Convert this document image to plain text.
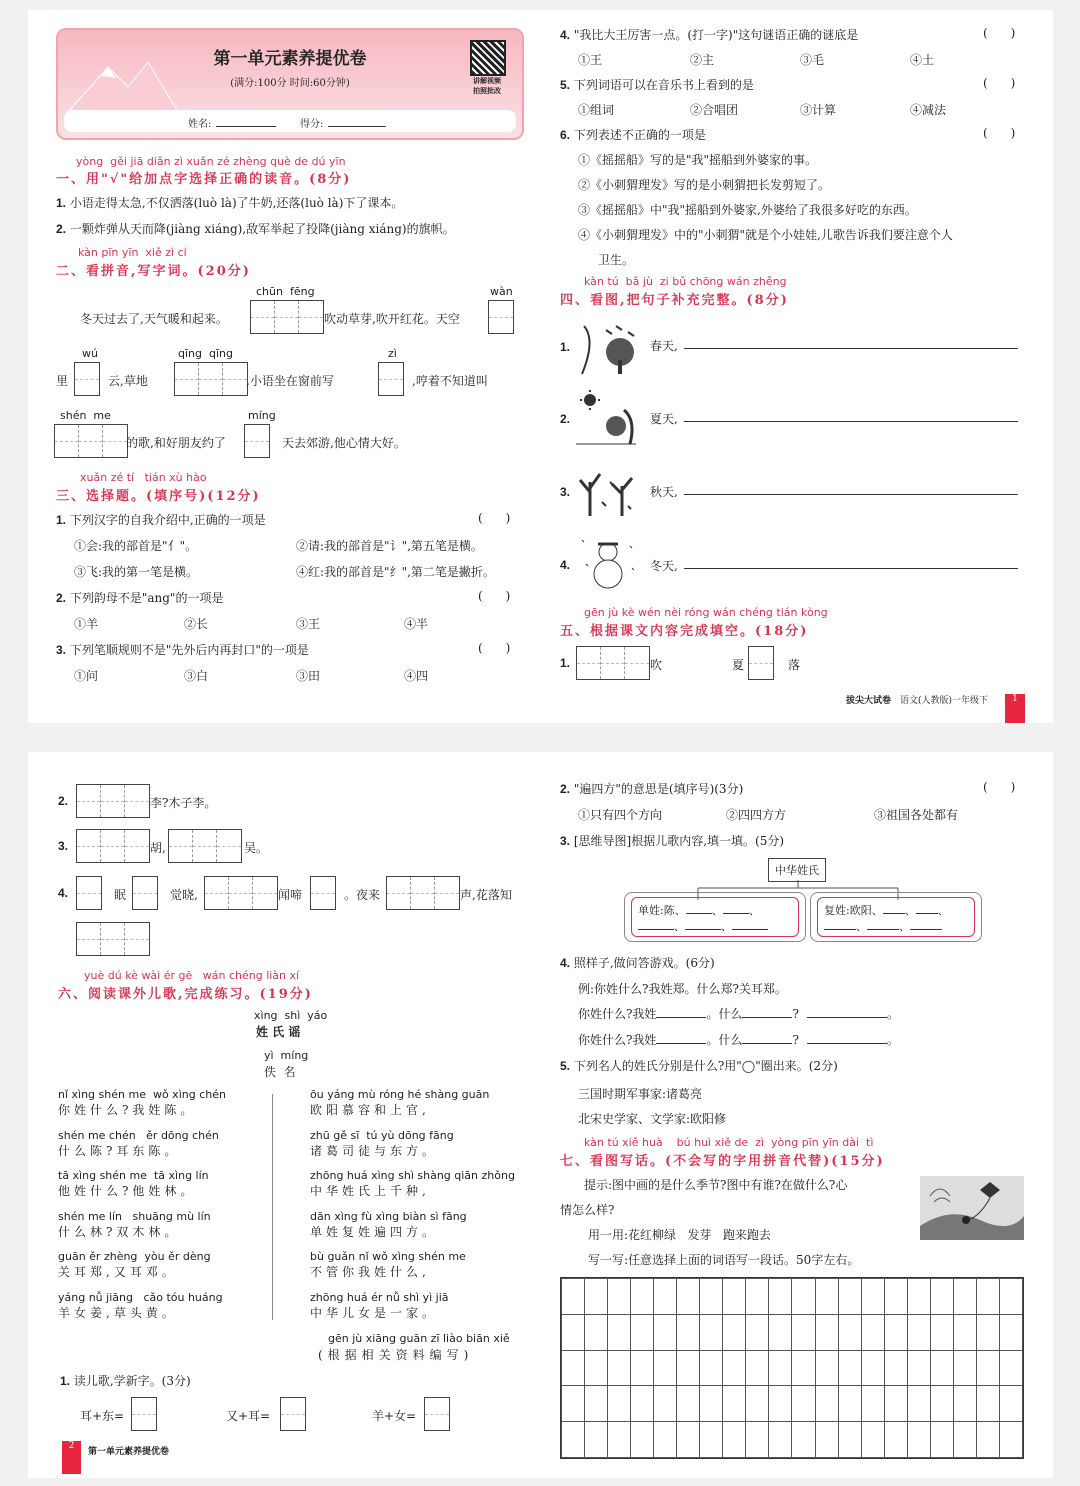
第一单元素养提优卷
(满分:100分 时间:60分钟)	讲解视频
拍照批改
姓名:	得分:
yòng  gěi jiā diǎn zì xuǎn zé zhèng què de dú yīn
一、用"√"给加点字选择正确的读音。(8分)
1. 小语走得太急,不仅洒落(luò là)了牛奶,还落(luò là)下了课本。
2. 一颗炸弹从天而降(jiàng xiáng),敌军举起了投降(jiàng xiáng)的旗帜。
kàn pīn yīn  xiě zì cí
二、看拼音,写字词。(20分)
chūn  fēng	wàn
冬天过去了,天气暖和起来。	吹动草芽,吹开红花。天空
wú	qīng  qīng	zì
里	云,草地	,小语坐在窗前写	,哼着不知道叫
shén  me	míng
的歌,和好朋友约了	天去郊游,他心情大好。
xuǎn zé tí   tián xù hào
三、选择题。(填序号)(12分)
1. 下列汉字的自我介绍中,正确的一项是	(      )
①会:我的部首是"亻"。	②请:我的部首是"讠",第五笔是横。
③飞:我的第一笔是横。	④红:我的部首是"纟",第二笔是撇折。
2. 下列韵母不是"ang"的一项是	(      )
①羊	②长	③王	④半
3. 下列笔顺规则不是"先外后内再封口"的一项是	(      )
①问	③白	③田	④四
4. "我比大王厉害一点。(打一字)"这句谜语正确的谜底是	(      )
①王	②主	③毛	④土
5. 下列词语可以在音乐书上看到的是	(      )
①组词	②合唱团	③计算	④减法
6. 下列表述不正确的一项是	(      )
①《摇摇船》写的是"我"摇船到外婆家的事。
②《小刺猬理发》写的是小刺猬把长发剪短了。
③《摇摇船》中"我"摇船到外婆家,外婆给了我很多好吃的东西。
④《小刺猬理发》中的"小刺猬"就是个小娃娃,儿歌告诉我们要注意个人
卫生。
kàn tú  bǎ jù  zi bǔ chōng wán zhěng
四、看图,把句子补充完整。(8分)
1.	春天,
2.	夏天,
3.	秋天,
4.	冬天,
gēn jù kè wén nèi róng wán chéng tián kòng
五、根据课文内容完成填空。(18分)
1.	吹	夏	落
拔尖大试卷 语文(人教版)一年级下	1
2.	李?木子李。
3.	胡,	吴。
4.	眠	觉晓,	闻啼	。夜来	声,花落知
yuè dú kè wài ér gē   wán chéng liàn xí
六、阅读课外儿歌,完成练习。(19分)
xìng  shì  yáo
姓 氏 谣
yì  míng
佚  名
nǐ xìng shén me  wǒ xìng chén
你姓什么?我姓陈。
shén me chén   ěr dōng chén
什么陈?耳东陈。
tā xìng shén me  tā xìng lín
他姓什么?他姓林。
shén me lín   shuāng mù lín
什么林?双木林。
guān ěr zhèng  yòu ěr dèng
关耳郑,又耳邓。
yáng nǚ jiāng   cǎo tóu huáng
羊女姜,草头黄。
ōu yáng mù róng hé shàng guān
欧阳慕容和上官,
zhū gě sī  tú yù dōng fāng
诸葛司徒与东方。
zhōng huá xìng shì shàng qiān zhǒng
中华姓氏上千种,
dān xìng fù xìng biàn sì fāng
单姓复姓遍四方。
bù guǎn nǐ wǒ xìng shén me
不管你我姓什么,
zhōng huá ér nǚ shì yì jiā
中华儿女是一家。
gēn jù xiāng guān zī liào biān xiě
(根据相关资料编写)
1. 读儿歌,学新字。(3分)
耳+东=	又+耳=	羊+女=
2
第一单元素养提优卷
2. "遍四方"的意思是(填序号)(3分)	(      )
①只有四个方向	②四四方方	③祖国各处都有
3. [思维导图]根据儿歌内容,填一填。(5分)
中华姓氏
单姓:陈、 、 、
、	、
复姓:欧阳、 、 、
、	、
4. 照样子,做问答游戏。(6分)
例:你姓什么?我姓郑。什么郑?关耳郑。
你姓什么?我姓	。什么	?	。
你姓什么?我姓	。什么	?	。
5. 下列名人的姓氏分别是什么?用"◯"圈出来。(2分)
三国时期军事家:诸葛亮
北宋史学家、文学家:欧阳修
kàn tú xiě huà    bú huì xiě de  zì  yòng pīn yīn dài  tì
七、看图写话。(不会写的字用拼音代替)(15分)
提示:图中画的是什么季节?图中有谁?在做什么?心
情怎么样?
用一用:花红柳绿   发芽   跑来跑去
写一写:任意选择上面的词语写一段话。50字左右。
